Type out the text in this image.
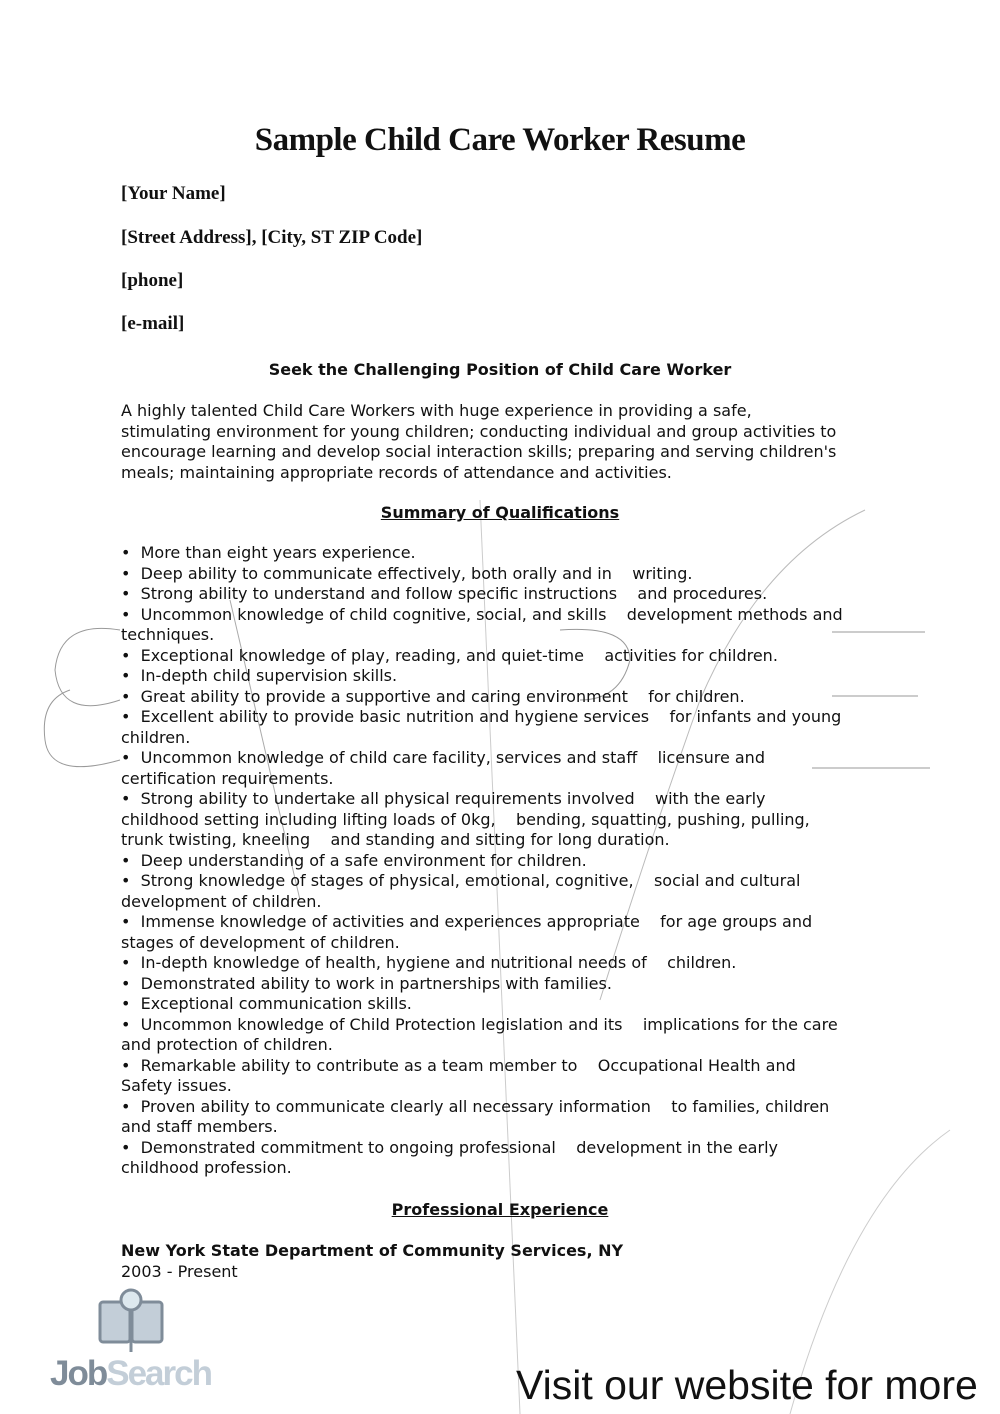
Sample Child Care Worker Resume
[Your Name]
[Street Address], [City, ST ZIP Code]
[phone]
[e-mail]
Seek the Challenging Position of Child Care Worker
A highly talented Child Care Workers with huge experience in providing a safe,
stimulating environment for young children; conducting individual and group activities to
encourage learning and develop social interaction skills; preparing and serving children's
meals; maintaining appropriate records of attendance and activities.
Summary of Qualifications
•  More than eight years experience.
•  Deep ability to communicate effectively, both orally and in    writing.
•  Strong ability to understand and follow specific instructions    and procedures.
•  Uncommon knowledge of child cognitive, social, and skills    development methods and
techniques.
•  Exceptional knowledge of play, reading, and quiet-time    activities for children.
•  In-depth child supervision skills.
•  Great ability to provide a supportive and caring environment    for children.
•  Excellent ability to provide basic nutrition and hygiene services    for infants and young
children.
•  Uncommon knowledge of child care facility, services and staff    licensure and
certification requirements.
•  Strong ability to undertake all physical requirements involved    with the early
childhood setting including lifting loads of 0kg,    bending, squatting, pushing, pulling,
trunk twisting, kneeling    and standing and sitting for long duration.
•  Deep understanding of a safe environment for children.
•  Strong knowledge of stages of physical, emotional, cognitive,    social and cultural
development of children.
•  Immense knowledge of activities and experiences appropriate    for age groups and
stages of development of children.
•  In-depth knowledge of health, hygiene and nutritional needs of    children.
•  Demonstrated ability to work in partnerships with families.
•  Exceptional communication skills.
•  Uncommon knowledge of Child Protection legislation and its    implications for the care
and protection of children.
•  Remarkable ability to contribute as a team member to    Occupational Health and
Safety issues.
•  Proven ability to communicate clearly all necessary information    to families, children
and staff members.
•  Demonstrated commitment to ongoing professional    development in the early
childhood profession.
Professional Experience
New York State Department of Community Services, NY
2003 - Present
JobSearch	Visit our website for more
